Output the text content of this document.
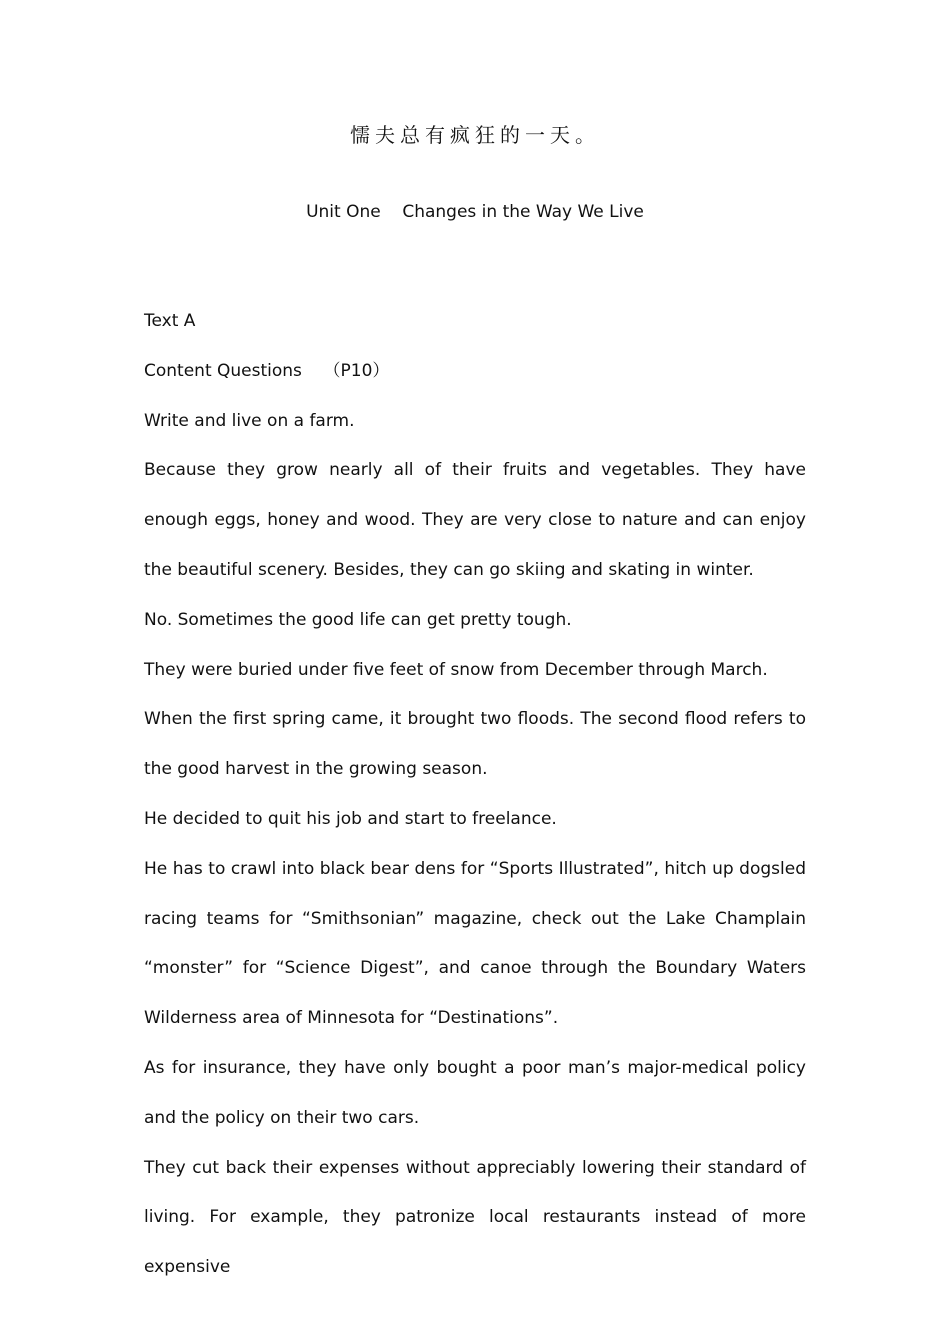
懦夫总有疯狂的一天。
Unit One    Changes in the Way We Live

Text A

Content Questions    （P10）

Write and live on a farm.

Because they grow nearly all of their fruits and vegetables. They have enough eggs, honey and wood. They are very close to nature and can enjoy the beautiful scenery. Besides, they can go skiing and skating in winter.

No. Sometimes the good life can get pretty tough.

They were buried under five feet of snow from December through March.

When the first spring came, it brought two floods. The second flood refers to the good harvest in the growing season.

He decided to quit his job and start to freelance.

He has to crawl into black bear dens for “Sports Illustrated”, hitch up dogsled racing teams for “Smithsonian” magazine, check out the Lake Champlain “monster” for “Science Digest”, and canoe through the Boundary Waters Wilderness area of Minnesota for “Destinations”.

As for insurance, they have only bought a poor man’s major-medical policy and the policy on their two cars.

They cut back their expenses without appreciably lowering their standard of living. For example, they patronize local restaurants instead of more expensive
